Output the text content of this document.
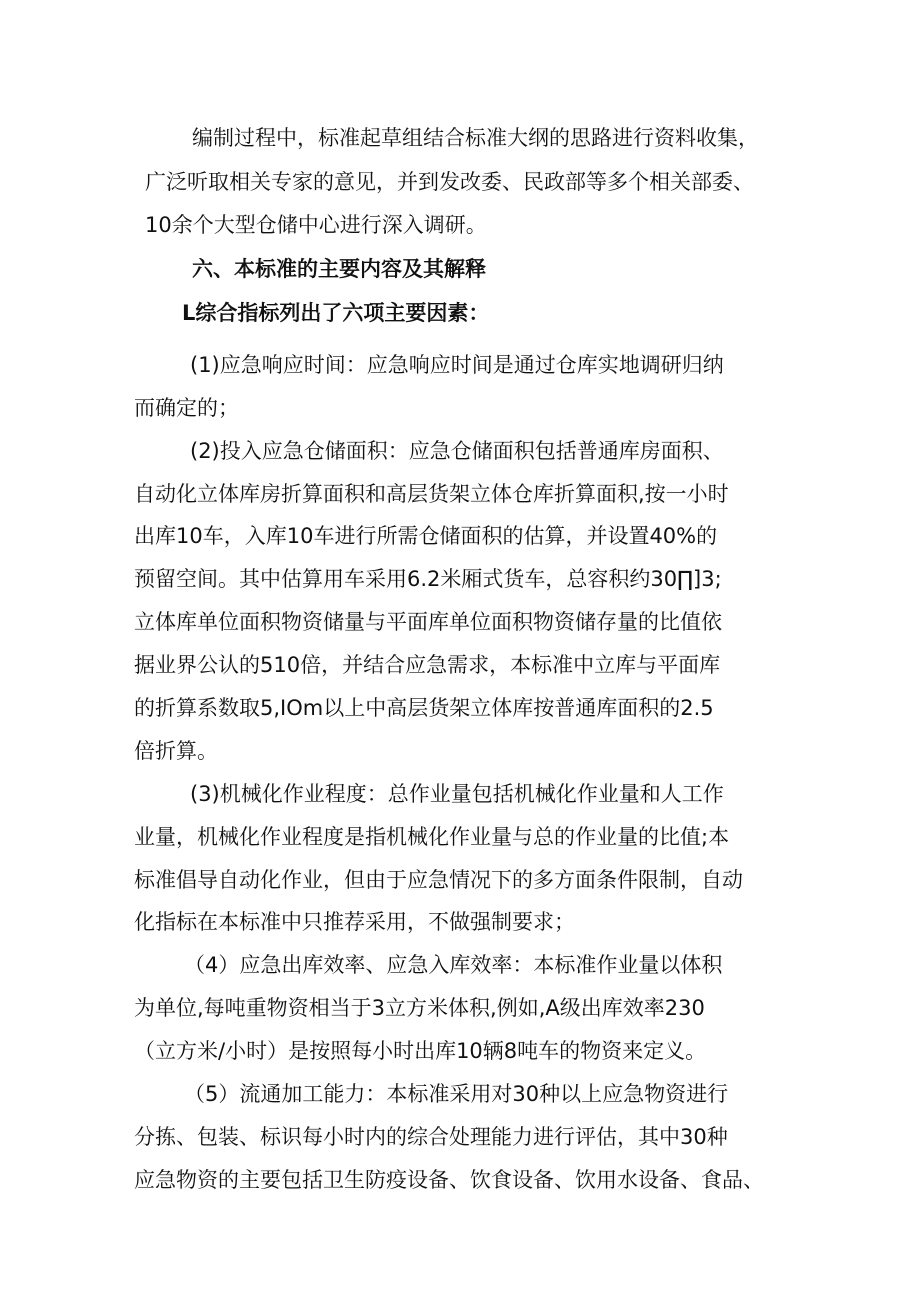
编制过程中，标准起草组结合标准大纲的思路进行资料收集，
广泛听取相关专家的意见，并到发改委、民政部等多个相关部委、
10余个大型仓储中心进行深入调研。
六、本标准的主要内容及其解释
L综合指标列出了六项主要因素：
(1)应急响应时间：应急响应时间是通过仓库实地调研归纳
而确定的；
(2)投入应急仓储面积：应急仓储面积包括普通库房面积、
自动化立体库房折算面积和高层货架立体仓库折算面积,按一小时
出库10车，入库10车进行所需仓储面积的估算，并设置40%的
预留空间。其中估算用车采用6.2米厢式货车，总容积约30∏]3;
立体库单位面积物资储量与平面库单位面积物资储存量的比值依
据业界公认的510倍，并结合应急需求，本标准中立库与平面库
的折算系数取5,IOm以上中高层货架立体库按普通库面积的2.5
倍折算。
(3)机械化作业程度：总作业量包括机械化作业量和人工作
业量，机械化作业程度是指机械化作业量与总的作业量的比值;本
标准倡导自动化作业，但由于应急情况下的多方面条件限制，自动
化指标在本标准中只推荐采用，不做强制要求；
（4）应急出库效率、应急入库效率：本标准作业量以体积
为单位,每吨重物资相当于3立方米体积,例如,A级出库效率230
（立方米/小时）是按照每小时出库10辆8吨车的物资来定义。
（5）流通加工能力：本标准采用对30种以上应急物资进行
分拣、包装、标识每小时内的综合处理能力进行评估，其中30种
应急物资的主要包括卫生防疫设备、饮食设备、饮用水设备、食品、
